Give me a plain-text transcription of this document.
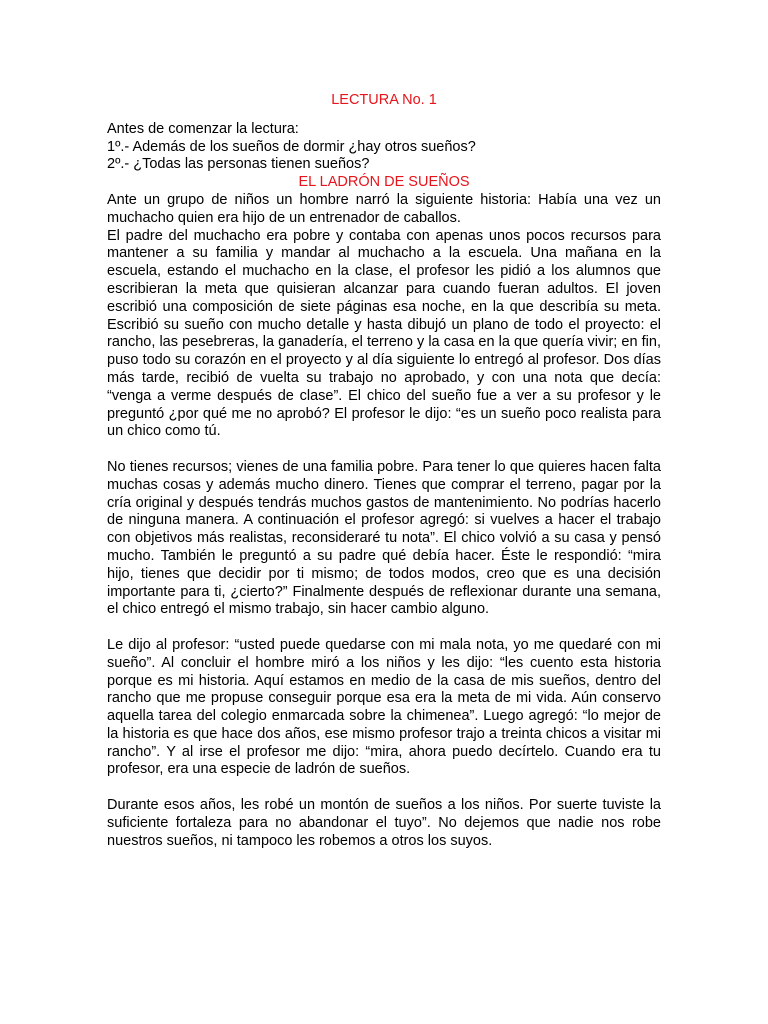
LECTURA No. 1

Antes de comenzar la lectura:

1º.- Además de los sueños de dormir ¿hay otros sueños?

2º.- ¿Todas las personas tienen sueños?

EL LADRÓN DE SUEÑOS

Ante un grupo de niños un hombre narró la siguiente historia: Había una vez un muchacho quien era hijo de un entrenador de caballos.

El padre del muchacho era pobre y contaba con apenas unos pocos recursos para mantener a su familia y mandar al muchacho a la escuela. Una mañana en la escuela, estando el muchacho en la clase, el profesor les pidió a los alumnos que escribieran la meta que quisieran alcanzar para cuando fueran adultos. El joven escribió una composición de siete páginas esa noche, en la que describía su meta. Escribió su sueño con mucho detalle y hasta dibujó un plano de todo el proyecto: el rancho, las pesebreras, la ganadería, el terreno y la casa en la que quería vivir; en fin, puso todo su corazón en el proyecto y al día siguiente lo entregó al profesor. Dos días más tarde, recibió de vuelta su trabajo no aprobado, y con una nota que decía: “venga a verme después de clase”. El chico del sueño fue a ver a su profesor y le preguntó ¿por qué me no aprobó? El profesor le dijo: “es un sueño poco realista para un chico como tú.

No tienes recursos; vienes de una familia pobre. Para tener lo que quieres hacen falta muchas cosas y además mucho dinero. Tienes que comprar el terreno, pagar por la cría original y después tendrás muchos gastos de mantenimiento. No podrías hacerlo de ninguna manera. A continuación el profesor agregó: si vuelves a hacer el trabajo con objetivos más realistas, reconsideraré tu nota”. El chico volvió a su casa y pensó mucho. También le preguntó a su padre qué debía hacer. Éste le respondió: “mira hijo, tienes que decidir por ti mismo; de todos modos, creo que es una decisión importante para ti, ¿cierto?” Finalmente después de reflexionar durante una semana, el chico entregó el mismo trabajo, sin hacer cambio alguno.

Le dijo al profesor: “usted puede quedarse con mi mala nota, yo me quedaré con mi sueño”. Al concluir el hombre miró a los niños y les dijo: “les cuento esta historia porque es mi historia. Aquí estamos en medio de la casa de mis sueños, dentro del rancho que me propuse conseguir porque esa era la meta de mi vida. Aún conservo aquella tarea del colegio enmarcada sobre la chimenea”. Luego agregó: “lo mejor de la historia es que hace dos años, ese mismo profesor trajo a treinta chicos a visitar mi rancho”. Y al irse el profesor me dijo: “mira, ahora puedo decírtelo. Cuando era tu profesor, era una especie de ladrón de sueños.

Durante esos años, les robé un montón de sueños a los niños. Por suerte tuviste la suficiente fortaleza para no abandonar el tuyo”. No dejemos que nadie nos robe nuestros sueños, ni tampoco les robemos a otros los suyos.
